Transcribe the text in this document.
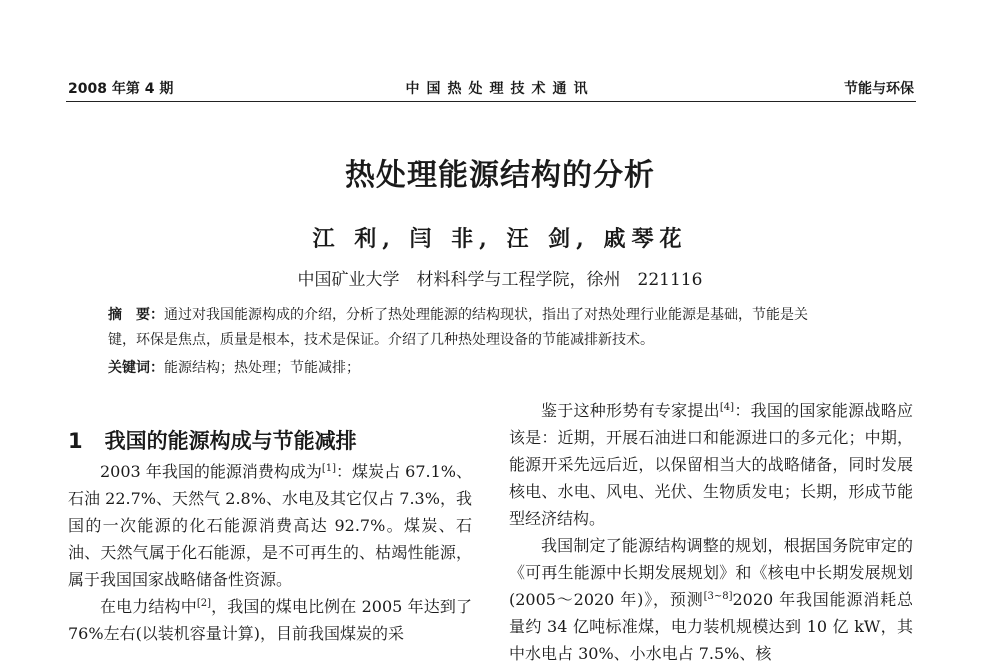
2008 年第 4 期	中国热处理技术通讯	节能与环保
热处理能源结构的分析
江 利, 闫 非, 汪 剑, 戚琴花
中国矿业大学　材料科学与工程学院，徐州　221116
摘　要：通过对我国能源构成的介绍，分析了热处理能源的结构现状，指出了对热处理行业能源是基础，节能是关
键，环保是焦点，质量是根本，技术是保证。介绍了几种热处理设备的节能减排新技术。
关键词：能源结构；热处理；节能减排；
1 我国的能源构成与节能减排

2003 年我国的能源消费构成为[1]：煤炭占 67.1%、石油 22.7%、天然气 2.8%、水电及其它仅占 7.3%，我国的一次能源的化石能源消费高达 92.7%。煤炭、石油、天然气属于化石能源，是不可再生的、枯竭性能源，属于我国国家战略储备性资源。

在电力结构中[2]，我国的煤电比例在 2005 年达到了 76%左右(以装机容量计算)，目前我国煤炭的采

鉴于这种形势有专家提出[4]：我国的国家能源战略应该是：近期，开展石油进口和能源进口的多元化；中期，能源开采先远后近，以保留相当大的战略储备，同时发展核电、水电、风电、光伏、生物质发电；长期，形成节能型经济结构。

我国制定了能源结构调整的规划，根据国务院审定的《可再生能源中长期发展规划》和《核电中长期发展规划(2005～2020 年)》，预测[3~8]2020 年我国能源消耗总量约 34 亿吨标准煤，电力装机规模达到 10 亿 kW，其中水电占 30%、小水电占 7.5%、核
